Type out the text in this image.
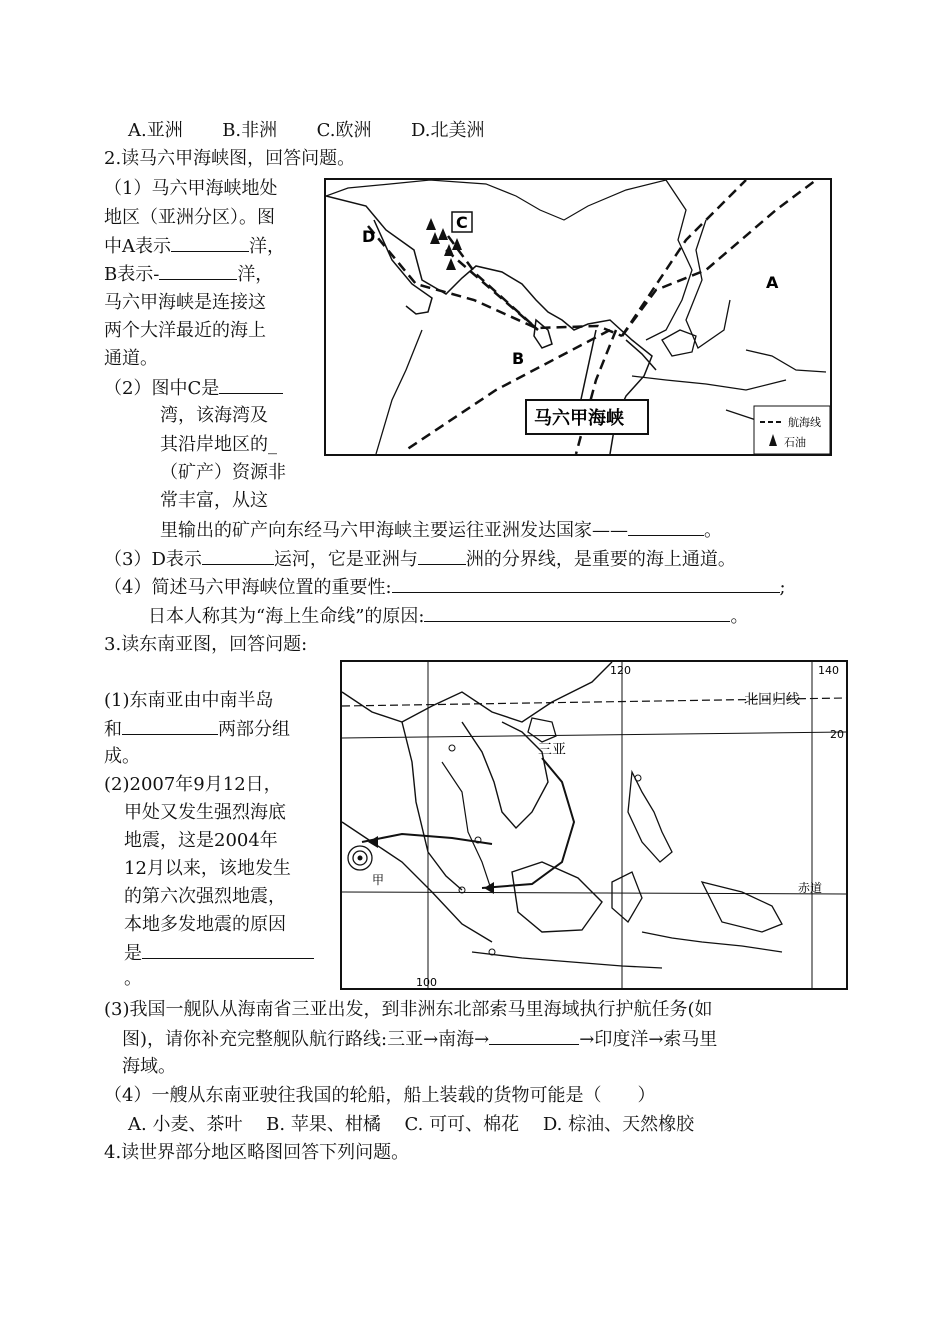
A.亚洲 B.非洲 C.欧洲 D.北美洲
2.读马六甲海峡图，回答问题。
（1）马六甲海峡地处
地区（亚洲分区）。图
中A表示	洋，
B表示-	洋，
马六甲海峡是连接这
两个大洋最近的海上
通道。
（2）图中C是
湾，该海湾及
其沿岸地区的_
（矿产）资源非
常丰富，从这
里输出的矿产向东经马六甲海峡主要运往亚洲发达国家——	。
（3）D表示	运河，它是亚洲与	洲的分界线，是重要的海上通道。
（4）简述马六甲海峡位置的重要性:	;
日本人称其为“海上生命线”的原因:	。
C
D
A
B
马六甲海峡	航海线
石油
3.读东南亚图，回答问题:
(1)东南亚由中南半岛
和	两部分组
成。
(2)2007年9月12日，
甲处又发生强烈海底
地震，这是2004年
12月以来，该地发生
的第六次强烈地震，
本地多发地震的原因
是
。
(3)我国一舰队从海南省三亚出发，到非洲东北部索马里海域执行护航任务(如
图)，请你补充完整舰队航行路线:三亚→南海→	→印度洋→索马里
海域。
（4）一艘从东南亚驶往我国的轮船，船上装载的货物可能是（　　）
A. 小麦、茶叶　 B. 苹果、柑橘　 C. 可可、棉花　 D. 棕油、天然橡胶
120	140
100
20
北回归线
赤道
三亚
甲
4.读世界部分地区略图回答下列问题。
